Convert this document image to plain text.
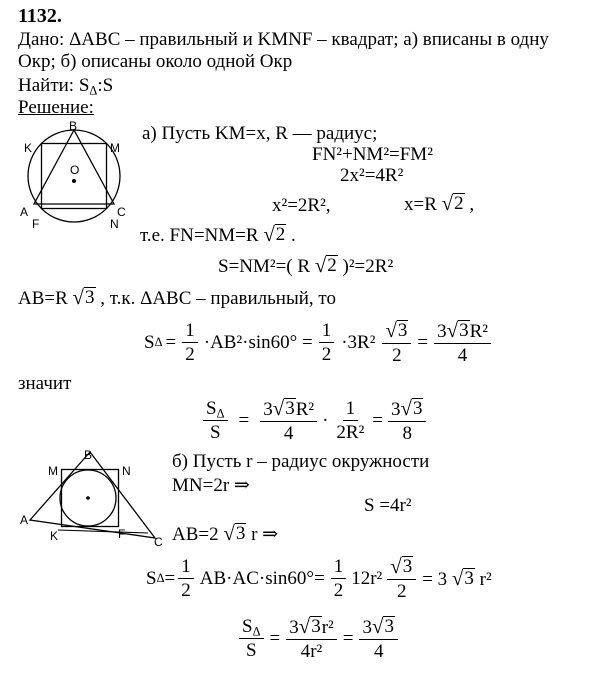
1132.
Дано: ΔABC – правильный и KMNF – квадрат; а) вписаны в одну
Окр; б) описаны около одной Окр
Найти: $S_\Delta:S$
Решение:
B
K	M
O
A	C
F	N
а) Пусть KM=x, R — радиус;
FN²+NM²=FM²
2x²=4R²
x²=2R²,	x=R √ 2 ,
т.е. FN=NM=R √ 2 .
S=NM²=( R √ 2 )²=2R²
AB=R √ 3 , т.к. ΔABC – правильный, то
S $\Delta = \frac{1}{2} \cdot AB^2\cdot\sin 60^\circ = \frac{1}{2} \cdot 3R^2 \frac{√ 3}{2} = \frac{\text{3 √ 3 R²}}{4}$
значит
$\frac{S_\Delta}{S} = \frac{\text{3 √ 3 R²}}{4} \cdot \frac{1}{\text{2R²}} = \frac{3 √ 3}{8}$
B
M	N
A
K	F
C
б) Пусть r – радиус окружности
MN=2r ⇒
S =4r²
AB=2 √ 3 r ⇒
S $\Delta = \frac{1}{2} AB\cdot AC\cdot\sin 60^\circ= \frac{1}{2} 12r^2 \frac{√ 3}{2} = 3$ √ 3 r²
$\frac{S_\Delta}{S} = \frac{\text{3 √ 3 r²}}{\text{4r²}} = \frac{3 √ 3}{4}$
